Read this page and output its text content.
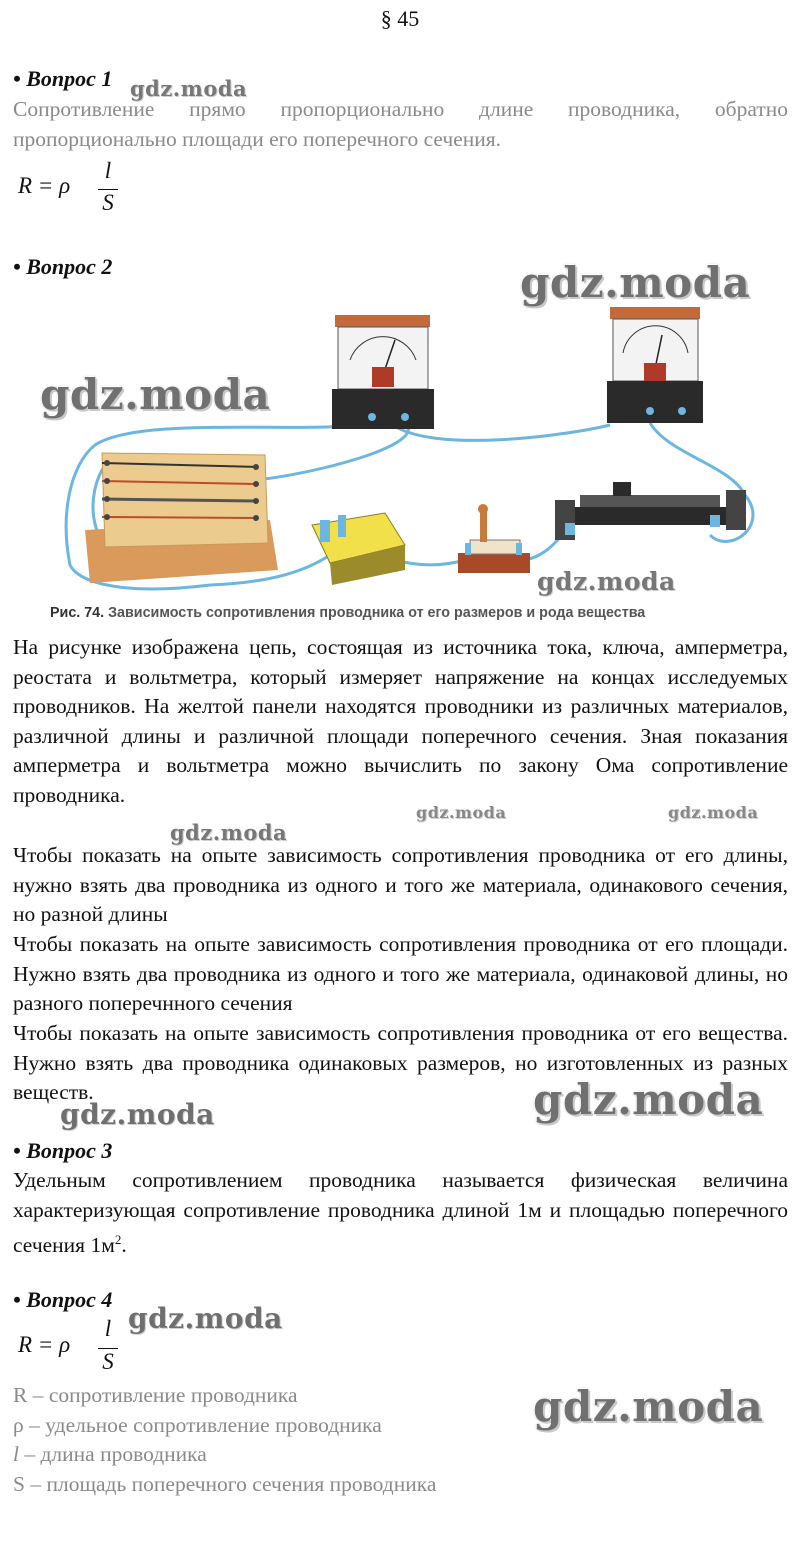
§ 45
• Вопрос 1 gdz.moda
Сопротивление прямо пропорционально длине проводника, обратно
пропорционально площади его поперечного сечения.
R = ρ
l
S
• Вопрос 2
Рис. 74. Зависимость сопротивления проводника от его размеров и рода вещества
gdz.moda
gdz.moda
gdz.moda
На рисунке изображена цепь, состоящая из источника тока, ключа, амперметра, реостата и вольтметра, который измеряет напряжение на концах исследуемых проводников. На желтой панели находятся проводники из различных материалов, различной длины и различной площади поперечного сечения. Зная показания амперметра и вольтметра можно вычислить по закону Ома сопротивление проводника.
Чтобы показать на опыте зависимость сопротивления проводника от его длины, нужно взять два проводника из одного и того же материала, одинакового сечения, но разной длины
Чтобы показать на опыте зависимость сопротивления проводника от его площади. Нужно взять два проводника из одного и того же материала, одинаковой длины, но разного поперечнного сечения
Чтобы показать на опыте зависимость сопротивления проводника от его вещества. Нужно взять два проводника одинаковых размеров, но изготовленных из разных веществ.
gdz.moda
gdz.moda	gdz.moda
gdz.moda	gdz.moda
• Вопрос 3
Удельным сопротивлением проводника называется физическая величина характеризующая сопротивление проводника длиной 1м и площадью поперечного сечения $1м^2$.
• Вопрос 4
gdz.moda
R = ρ
l
S
R – сопротивление проводника
ρ – удельное сопротивление проводника
l – длина проводника
S – площадь поперечного сечения проводника
gdz.moda
